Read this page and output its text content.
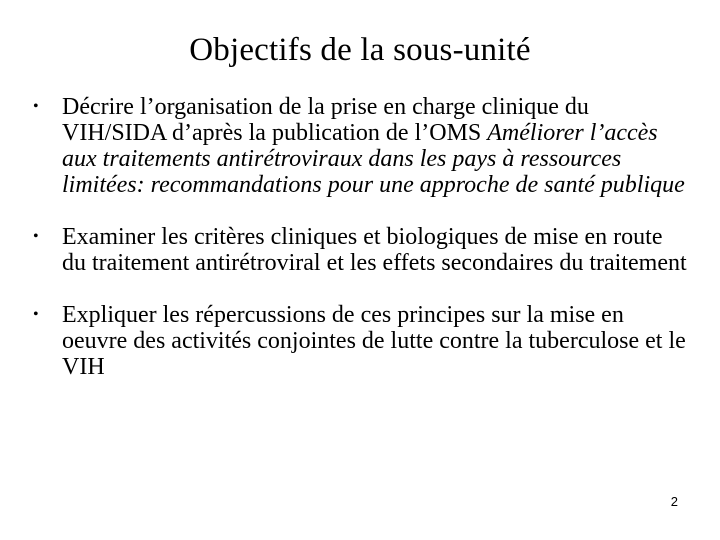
Objectifs de la sous-unité
• Décrire l’organisation de la prise en charge clinique du VIH/SIDA d’après la publication de l’OMS Améliorer l’accès aux traitements antirétroviraux dans les pays à ressources limitées: recommandations pour une approche de santé publique
• Examiner les critères cliniques et biologiques de mise en route du traitement antirétroviral et les effets secondaires du traitement
• Expliquer les répercussions de ces principes sur la mise en oeuvre des activités conjointes de lutte contre la tuberculose et le VIH
2
